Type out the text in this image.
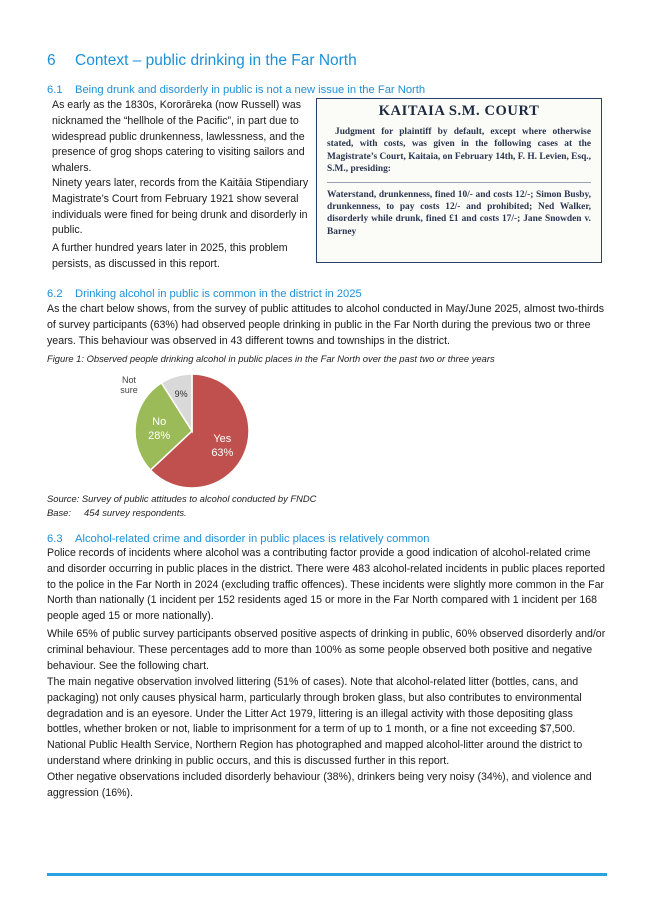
6 Context – public drinking in the Far North
6.1 Being drunk and disorderly in public is not a new issue in the Far North

As early as the 1830s, Kororāreka (now Russell) was nicknamed the “hellhole of the Pacific”, in part due to widespread public drunkenness, lawlessness, and the presence of grog shops catering to visiting sailors and whalers.

Ninety years later, records from the Kaitāia Stipendiary Magistrate’s Court from February 1921 show several individuals were fined for being drunk and disorderly in public.

A further hundred years later in 2025, this problem persists, as discussed in this report.

KAITAIA S.M. COURT
Judgment for plaintiff by default, except where otherwise stated, with costs, was given in the following cases at the Magistrate’s Court, Kaitaia, on February 14th, F. H. Levien, Esq., S.M., presiding:
Waterstand, drunkenness, fined 10/- and costs 12/-; Simon Busby, drunkenness, to pay costs 12/- and prohibited; Ned Walker, disorderly while drunk, fined £1 and costs 17/-; Jane Snowden v. Barney
6.2 Drinking alcohol in public is common in the district in 2025

As the chart below shows, from the survey of public attitudes to alcohol conducted in May/June 2025, almost two-thirds of survey participants (63%) had observed people drinking in public in the Far North during the previous two or three years. This behaviour was observed in 43 different towns and townships in the district.

Figure 1: Observed people drinking alcohol in public places in the Far North over the past two or three years

Yes
63%
No
28%
9%
Not
sure

Source: Survey of public attitudes to alcohol conducted by FNDC

Base:     454 survey respondents.

6.3 Alcohol-related crime and disorder in public places is relatively common

Police records of incidents where alcohol was a contributing factor provide a good indication of alcohol-related crime and disorder occurring in public places in the district. There were 483 alcohol-related incidents in public places reported to the police in the Far North in 2024 (excluding traffic offences). These incidents were slightly more common in the Far North than nationally (1 incident per 152 residents aged 15 or more in the Far North compared with 1 incident per 168 people aged 15 or more nationally).

While 65% of public survey participants observed positive aspects of drinking in public, 60% observed disorderly and/or criminal behaviour. These percentages add to more than 100% as some people observed both positive and negative behaviour. See the following chart.

The main negative observation involved littering (51% of cases). Note that alcohol-related litter (bottles, cans, and packaging) not only causes physical harm, particularly through broken glass, but also contributes to environmental degradation and is an eyesore. Under the Litter Act 1979, littering is an illegal activity with those depositing glass bottles, whether broken or not, liable to imprisonment for a term of up to 1 month, or a fine not exceeding $7,500. National Public Health Service, Northern Region has photographed and mapped alcohol-litter around the district to understand where drinking in public occurs, and this is discussed further in this report.

Other negative observations included disorderly behaviour (38%), drinkers being very noisy (34%), and violence and aggression (16%).
